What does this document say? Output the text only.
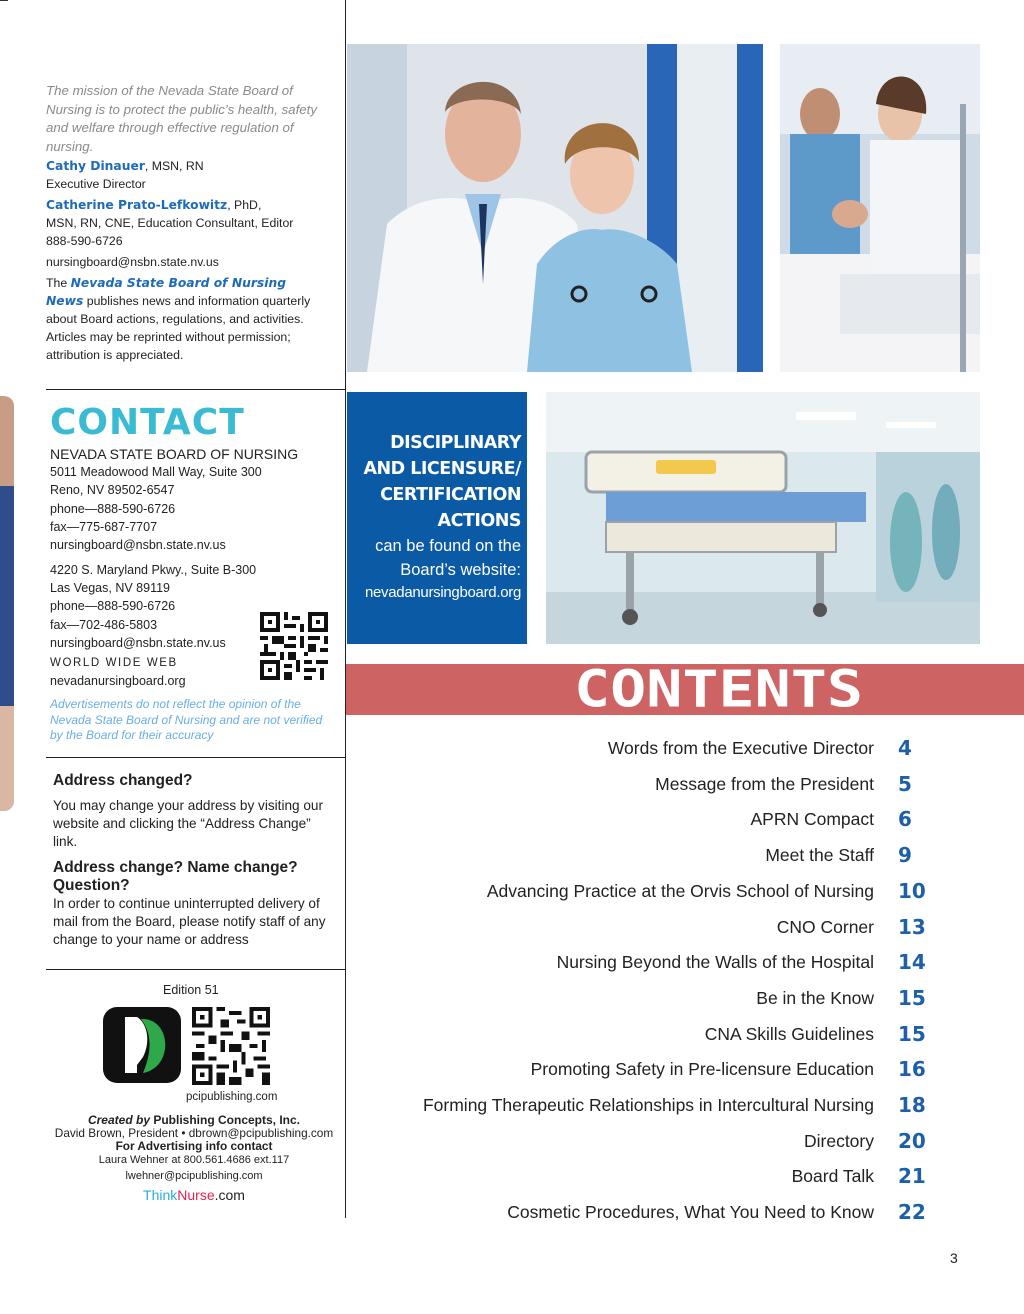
The mission of the Nevada State Board of Nursing is to protect the public’s health, safety and welfare through effective regulation of nursing.
Cathy Dinauer, MSN, RN
Executive Director
Catherine Prato-Lefkowitz, PhD,
MSN, RN, CNE, Education Consultant, Editor
888-590-6726
nursingboard@nsbn.state.nv.us
The Nevada State Board of Nursing News publishes news and information quarterly about Board actions, regulations, and activities. Articles may be reprinted without permission; attribution is appreciated.
CONTACT
NEVADA STATE BOARD OF NURSING
5011 Meadowood Mall Way, Suite 300
Reno, NV 89502-6547
phone—888-590-6726
fax—775-687-7707
nursingboard@nsbn.state.nv.us
4220 S. Maryland Pkwy., Suite B-300
Las Vegas, NV 89119
phone—888-590-6726
fax—702-486-5803
nursingboard@nsbn.state.nv.us
WORLD WIDE WEB
nevadanursingboard.org
Advertisements do not reflect the opinion of the Nevada State Board of Nursing and are not verified by the Board for their accuracy
Address changed?
You may change your address by visiting our website and clicking the “Address Change” link.
Address change? Name change? Question?
In order to continue uninterrupted delivery of mail from the Board, please notify staff of any change to your name or address
Edition 51
pcipublishing.com
Created by Publishing Concepts, Inc.
David Brown, President • dbrown@pcipublishing.com
For Advertising info contact
Laura Wehner at 800.561.4686 ext.117
lwehner@pcipublishing.com
ThinkNurse.com
DISCIPLINARY
AND LICENSURE/
CERTIFICATION
ACTIONS
can be found on the
Board’s website:
nevadanursingboard.org
CONTENTS
Words from the Executive Director 4
Message from the President 5
APRN Compact 6
Meet the Staff 9
Advancing Practice at the Orvis School of Nursing 10
CNO Corner 13
Nursing Beyond the Walls of the Hospital 14
Be in the Know 15
CNA Skills Guidelines 15
Promoting Safety in Pre-licensure Education 16
Forming Therapeutic Relationships in Intercultural Nursing 18
Directory 20
Board Talk 21
Cosmetic Procedures, What You Need to Know 22
3
